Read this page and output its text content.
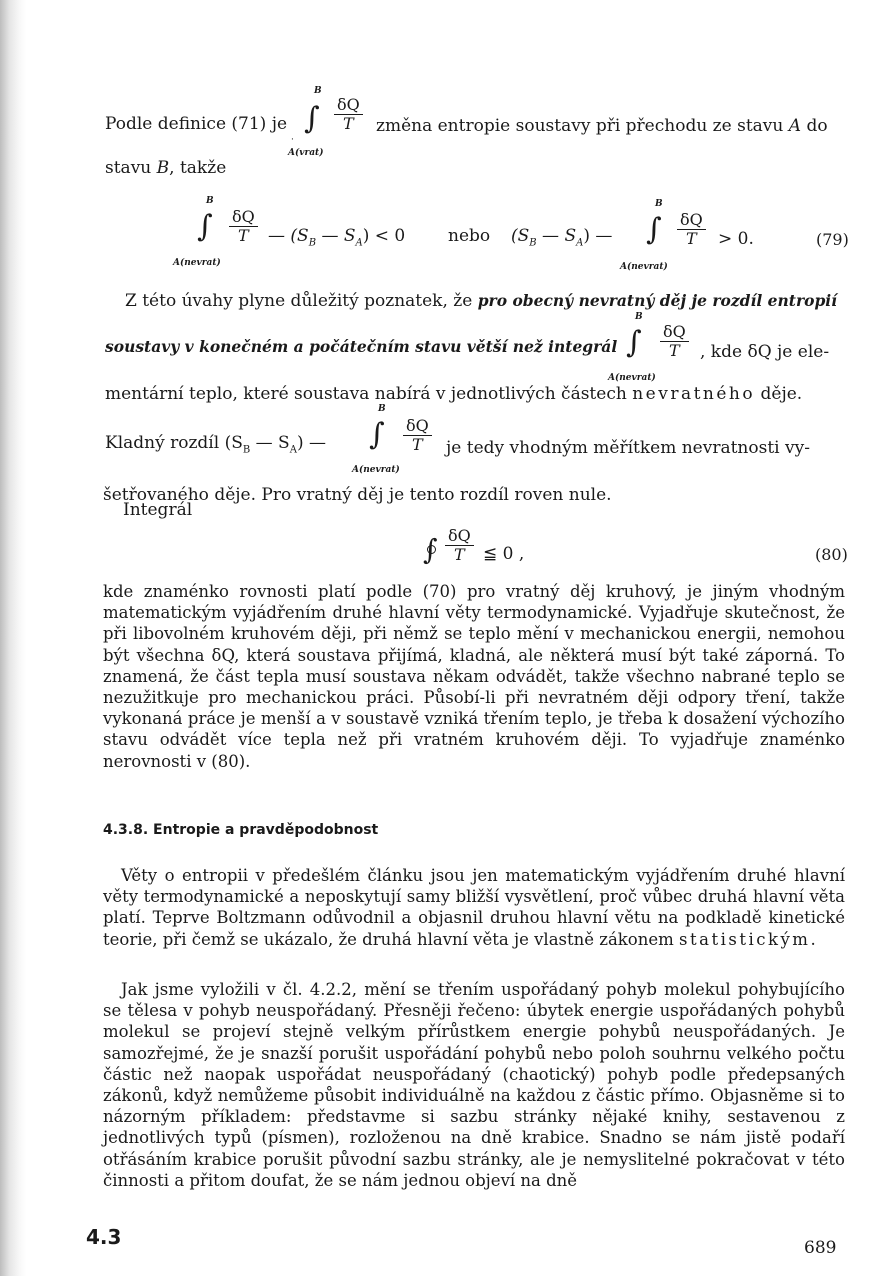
Podle definice (71) je
B
∫
A(vrat)
δQ
T	změna entropie soustavy při přechodu ze stavu A do
·
stavu B, takže
B
∫
A(nevrat)
δQ
T	— ($S_B$ — $S_A) < 0$	nebo ($S_B$ — $S_A$) —
B
∫
A(nevrat)
δQ
T	> 0.	(79)
Z této úvahy plyne důležitý poznatek, že pro obecný nevratný děj je rozdíl entropií
soustavy v konečném a počátečním stavu větší než integrál
B
∫
A(nevrat)
δQ
T	, kde δQ je ele-
mentární teplo, které soustava nabírá v jednotlivých částech nevratného děje.
Kladný rozdíl ($S_B$ — $S_A$) —
B
∫
A(nevrat)
δQ
T	je tedy vhodným měřítkem nevratnosti vy-
šetřovaného děje. Pro vratný děj je tento rozdíl roven nule.
Integrál
∫ δQ
T	≦ 0 ,	(80)

kde znaménko rovnosti platí podle (70) pro vratný děj kruhový, je jiným vhodným matematickým vyjádřením druhé hlavní věty termodynamické. Vyjadřuje skutečnost, že při libovolném kruhovém ději, při němž se teplo mění v mechanickou energii, nemohou být všechna δQ, která soustava přijímá, kladná, ale některá musí být také záporná. To znamená, že část tepla musí soustava někam odvádět, takže všechno nabrané teplo se nezužitkuje pro mechanickou práci. Působí-li při nevratném ději odpory tření, takže vykonaná práce je menší a v soustavě vzniká třením teplo, je třeba k dosažení výchozího stavu odvádět více tepla než při vratném kruhovém ději. To vyjadřuje znaménko nerovnosti v (80).

4.3.8. Entropie a pravděpodobnost

Věty o entropii v předešlém článku jsou jen matematickým vyjádřením druhé hlavní věty termodynamické a neposkytují samy bližší vysvětlení, proč vůbec druhá hlavní věta platí. Teprve Boltzmann odůvodnil a objasnil druhou hlavní větu na podkladě kinetické teorie, při čemž se ukázalo, že druhá hlavní věta je vlastně zákonem statistickým.

Jak jsme vyložili v čl. 4.2.2, mění se třením uspořádaný pohyb molekul pohybujícího se tělesa v pohyb neuspořádaný. Přesněji řečeno: úbytek energie uspořádaných pohybů molekul se projeví stejně velkým přírůstkem energie pohybů neuspořádaných. Je samozřejmé, že je snazší porušit uspořádání pohybů nebo poloh souhrnu velkého počtu částic než naopak uspořádat neuspořádaný (chaotický) pohyb podle předepsaných zákonů, když nemůžeme působit individuálně na každou z částic přímo. Objasněme si to názorným příkladem: představme si sazbu stránky nějaké knihy, sestavenou z jednotlivých typů (písmen), rozloženou na dně krabice. Snadno se nám jistě podaří otřásáním krabice porušit původní sazbu stránky, ale je nemyslitelné pokračovat v této činnosti a přitom doufat, že se nám jednou objeví na dně

4.3	689
